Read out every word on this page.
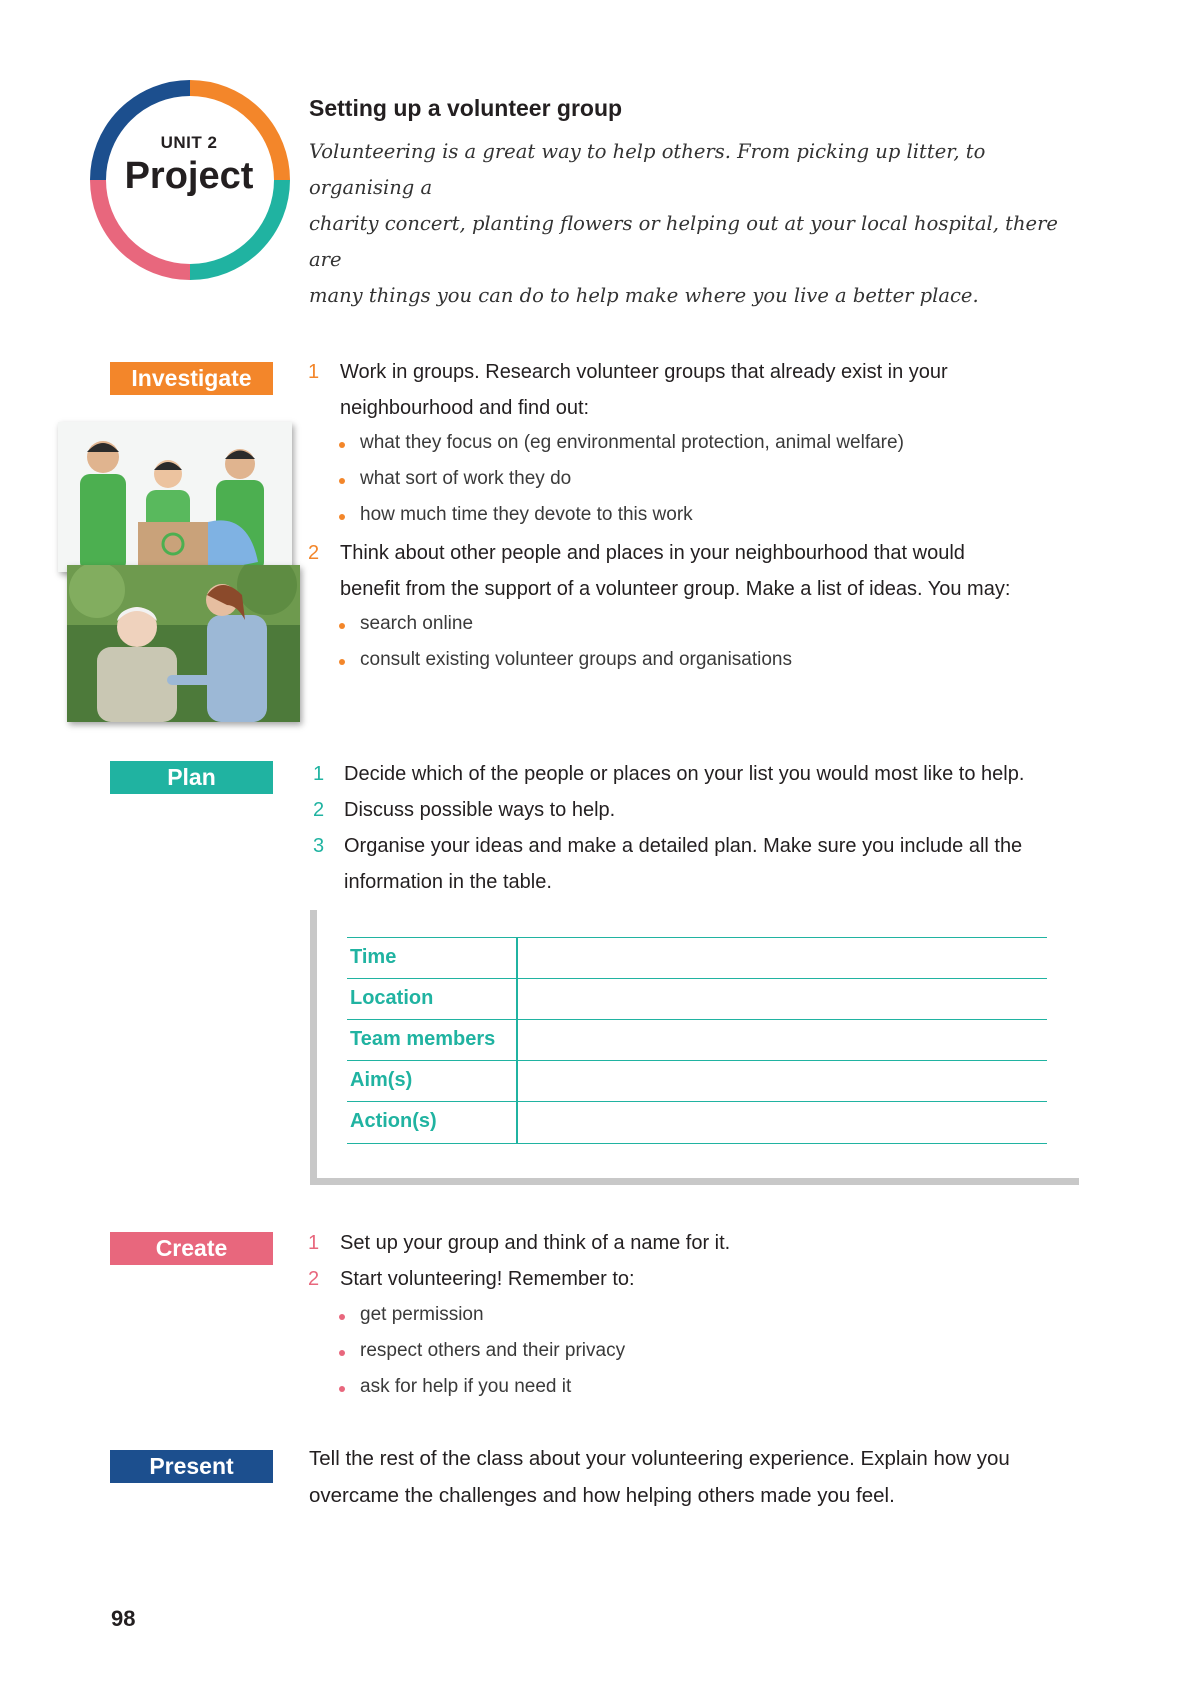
UNIT 2
Project
Setting up a volunteer group
Volunteering is a great way to help others. From picking up litter, to organising a
charity concert, planting flowers or helping out at your local hospital, there are
many things you can do to help make where you live a better place.
Investigate	1 Work in groups. Research volunteer groups that already exist in your
neighbourhood and find out:
what they focus on (eg environmental protection, animal welfare)
what sort of work they do
how much time they devote to this work
2 Think about other people and places in your neighbourhood that would
benefit from the support of a volunteer group. Make a list of ideas. You may:
search online
consult existing volunteer groups and organisations
Plan	1 Decide which of the people or places on your list you would most like to help.
2 Discuss possible ways to help.
3 Organise your ideas and make a detailed plan. Make sure you include all the
information in the table.
Time
Location
Team members
Aim(s)
Action(s)
Create	1 Set up your group and think of a name for it.
2 Start volunteering! Remember to:
get permission
respect others and their privacy
ask for help if you need it
Present	Tell the rest of the class about your volunteering experience. Explain how you
overcame the challenges and how helping others made you feel.
98
